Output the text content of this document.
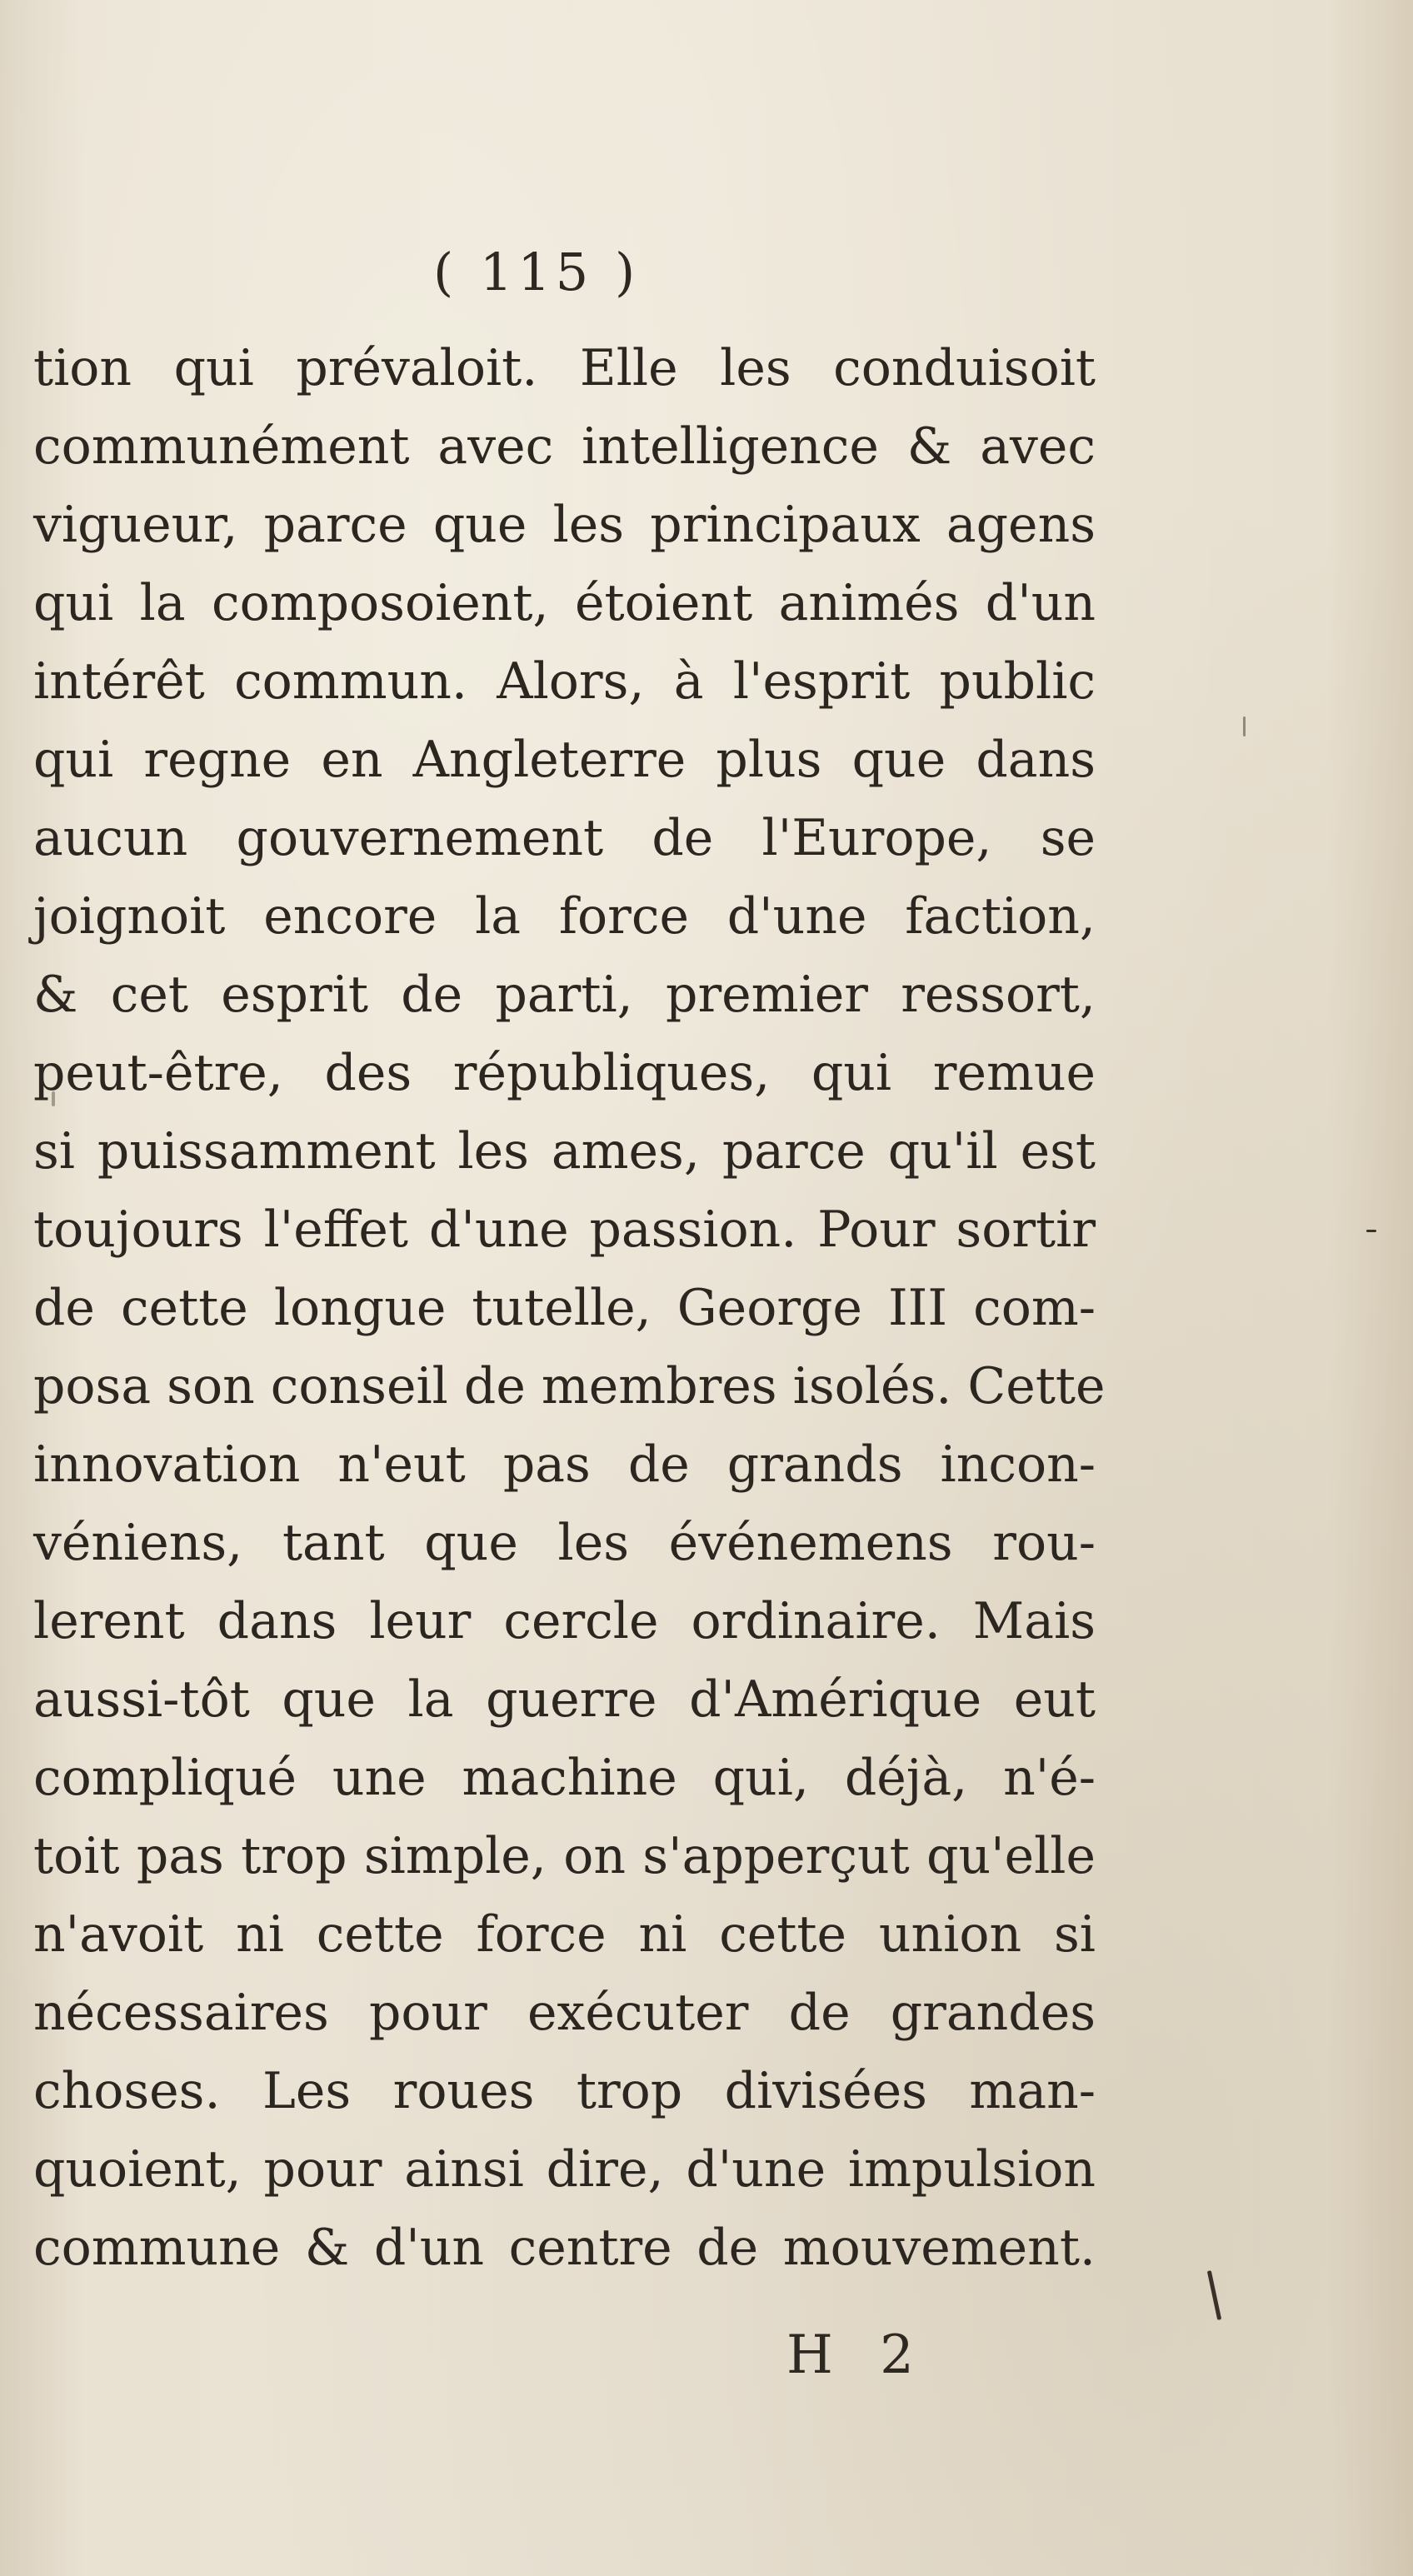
( 115 )
tion qui prévaloit. Elle les conduisoit
communément avec intelligence & avec
vigueur, parce que les principaux agens
qui la composoient, étoient animés d'un
intérêt commun. Alors, à l'esprit public
qui regne en Angleterre plus que dans
aucun gouvernement de l'Europe, se
joignoit encore la force d'une faction,
& cet esprit de parti, premier ressort,
peut-être, des républiques, qui remue
si puissamment les ames, parce qu'il est
toujours l'effet d'une passion. Pour sortir
de cette longue tutelle, George III com-
posa son conseil de membres isolés. Cette
innovation n'eut pas de grands incon-
véniens, tant que les événemens rou-
lerent dans leur cercle ordinaire. Mais
aussi-tôt que la guerre d'Amérique eut
compliqué une machine qui, déjà, n'é-
toit pas trop simple, on s'apperçut qu'elle
n'avoit ni cette force ni cette union si
nécessaires pour exécuter de grandes
choses. Les roues trop divisées man-
quoient, pour ainsi dire, d'une impulsion
commune & d'un centre de mouvement.
H 2
